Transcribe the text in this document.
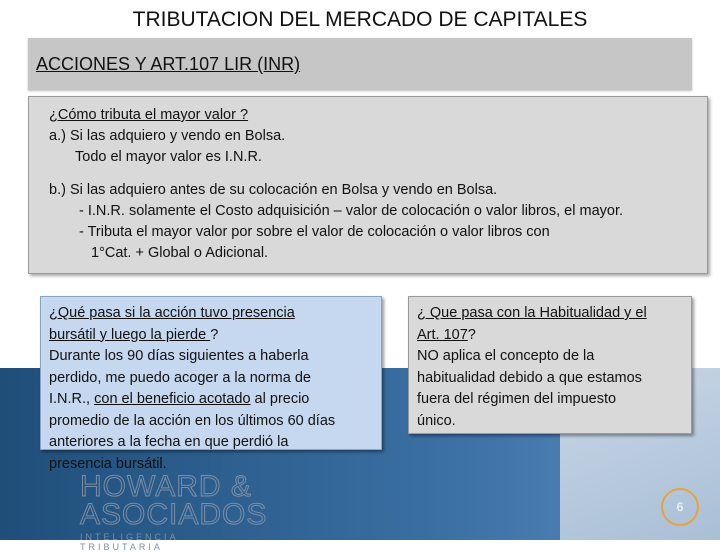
HOWARD &
ASOCIADOS
INTELIGENCIA TRIBUTARIA
TRIBUTACION DEL MERCADO DE CAPITALES
ACCIONES Y ART.107 LIR (INR)
¿Cómo tributa el mayor valor ?
a.) Si las adquiero y vendo en Bolsa.
Todo el mayor valor es I.N.R.
b.) Si las adquiero antes de su colocación en Bolsa y vendo en Bolsa.
- I.N.R. solamente el Costo adquisición – valor de colocación o valor libros, el mayor.
- Tributa el mayor valor por sobre el valor de colocación o valor libros con
1°Cat. + Global o Adicional.
¿Qué pasa si la acción tuvo presencia
bursátil y luego la pierde ?
Durante los 90 días siguientes a haberla
perdido, me puedo acoger a la norma de
I.N.R., con el beneficio acotado al precio
promedio de la acción en los últimos 60 días
anteriores a la fecha en que perdió la
presencia bursátil.
¿ Que pasa con la Habitualidad y el
Art. 107?
NO aplica el concepto de la
habitualidad debido a que estamos
fuera del régimen del impuesto
único.
6
